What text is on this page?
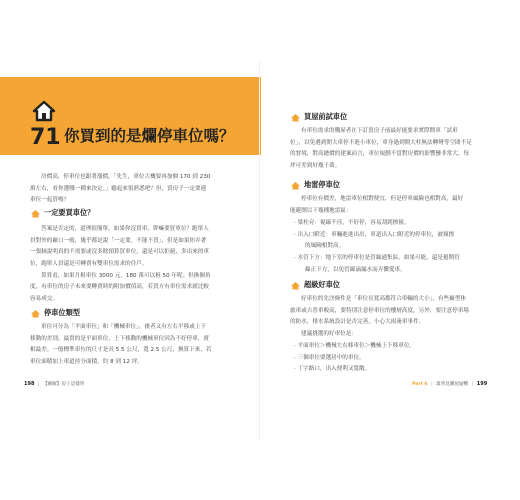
71 你買到的是爛停車位嗎？
房價高，停車位也跟著漲價，「先生，車位大概要再加個 170 到 230
萬左右，看你選哪一種來決定。」聽起來很熟悉吧？但，買房子一定要連
車位一起買嗎？
一定要買車位？
答案是否定的，道理很簡單，如果你沒買車，幹嘛要買車位？跑單人
員對外的廠口一般，幾乎都是說「一定要，不能不買」，但是如果你弄著
一張臉說明真的不需要或沒多餘預算買車位，還是可以拒絕，多出來的車
位，跑單人員還是可轉賣有雙車位需求的住戶。
算算看，如果月租車位 3000 元，180 萬可以租 50 年呢；但換個角
度，有車位的房子未來要轉賣時的附加價值高，若買方有車位需求就比較
容易成交。
停車位類型
車位可分為「平面車位」和「機械車位」，後者又有左右平移或上下
移動的差別，最貴的是平面車位，上下移動的機械車位因為不好停車，賣
相最差。一般標準車位的尺寸是長 5.5 公尺，寬 2.5 公尺，換算下來，若
車位面積加上車道持分面積，約 8 到 12 坪。
198 | 【圖解】房子這樣買
買屋前試車位
有車位需求的購屋者在下訂買房子前最好能要求實際開車「試車
位」，以免遇到開大車停不進小車位，車身過到開大柱無法轉彎等空間不足
的窘境，對高總價的建案而言，車位規劃不當對房價的影響蠻非常大，每
坪可差到好幾千萬。
地雷停車位
停車位有價差，地雷車位相對便宜，但是停車風險也相對高，最好
能避開以下幾種地雷區：
‧ 梁柱旁：視線不佳，不好停，容易刮到擦撞。
‧ 出入口附近：車輛進進出出，車道出入口附近的停車位，被撞擦
的風險相對高。
‧ 水管下方：地下室的停車位是管線通集區，如果可能，還是避開管
線正下方，以免管線滴漏水而弄髒愛車。
超級好車位
好車位的先決條件是「車位長寬高都符合車輛的大小」，有些廠型休
旅車或吉普車較高，要特別注意停車位的樓層高度，另外，要注意停車場
的防水，排水系統設計是否完善，小心大雨淹車事件。
建議挑選的好車位是：
‧ 平面車位＞機械左右移車位＞機械上下移車位。
‧ 三個車位要選居中的車位。
‧ 丁字路口，出入便利又寬敞。
Part 6 | 最常見購屋疑難 | 199
